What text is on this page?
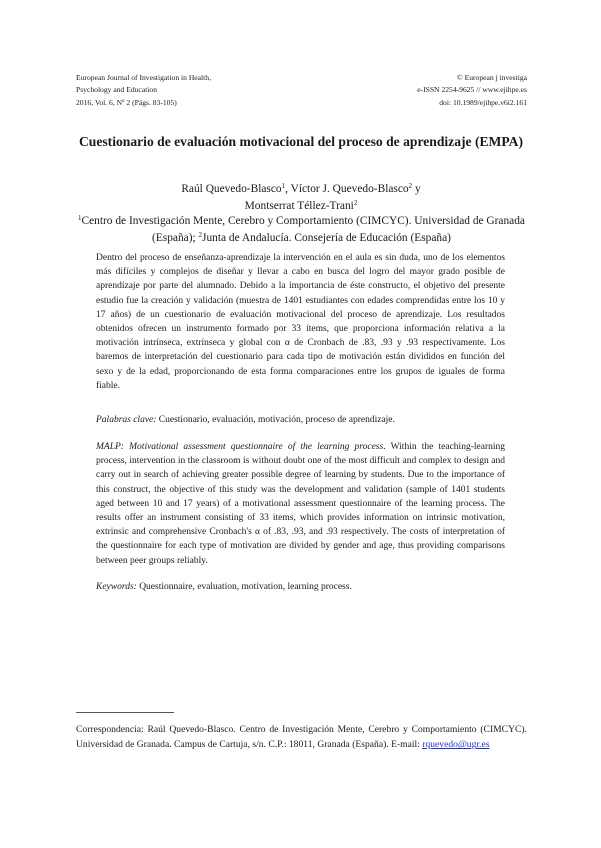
European Journal of Investigation in Health,
Psychology and Education
2016, Vol. 6, Nº 2 (Págs. 83-105)
© European j investiga
e-ISSN 2254-9625 // www.ejihpe.es
doi: 10.1989/ejihpe.v6i2.161
Cuestionario de evaluación motivacional del proceso de aprendizaje (EMPA)
Raúl Quevedo-Blasco$^1$, Víctor J. Quevedo-Blasco$^2$ y
Montserrat Téllez-Trani$^2$
$^1$Centro de Investigación Mente, Cerebro y Comportamiento (CIMCYC). Universidad de Granada (España); $^2$Junta de Andalucía. Consejería de Educación (España)
Dentro del proceso de enseñanza-aprendizaje la intervención en el aula es sin duda, uno de los elementos más difíciles y complejos de diseñar y llevar a cabo en busca del logro del mayor grado posible de aprendizaje por parte del alumnado. Debido a la importancia de éste constructo, el objetivo del presente estudio fue la creación y validación (muestra de 1401 estudiantes con edades comprendidas entre los 10 y 17 años) de un cuestionario de evaluación motivacional del proceso de aprendizaje. Los resultados obtenidos ofrecen un instrumento formado por 33 ítems, que proporciona información relativa a la motivación intrínseca, extrínseca y global con α de Cronbach de .83, .93 y .93 respectivamente. Los baremos de interpretación del cuestionario para cada tipo de motivación están divididos en función del sexo y de la edad, proporcionando de esta forma comparaciones entre los grupos de iguales de forma fiable.
Palabras clave: Cuestionario, evaluación, motivación, proceso de aprendizaje.
MALP: Motivational assessment questionnaire of the learning process. Within the teaching-learning process, intervention in the classroom is without doubt one of the most difficult and complex to design and carry out in search of achieving greater possible degree of learning by students. Due to the importance of this construct, the objective of this study was the development and validation (sample of 1401 students aged between 10 and 17 years) of a motivational assessment questionnaire of the learning process. The results offer an instrument consisting of 33 items, which provides information on intrinsic motivation, extrinsic and comprehensive Cronbach's α of .83, .93, and .93 respectively. The costs of interpretation of the questionnaire for each type of motivation are divided by gender and age, thus providing comparisons between peer groups reliably.
Keywords: Questionnaire, evaluation, motivation, learning process.
Correspondencia: Raúl Quevedo-Blasco. Centro de Investigación Mente, Cerebro y Comportamiento (CIMCYC). Universidad de Granada. Campus de Cartuja, s/n. C.P.: 18011, Granada (España). E-mail: rquevedo@ugr.es
